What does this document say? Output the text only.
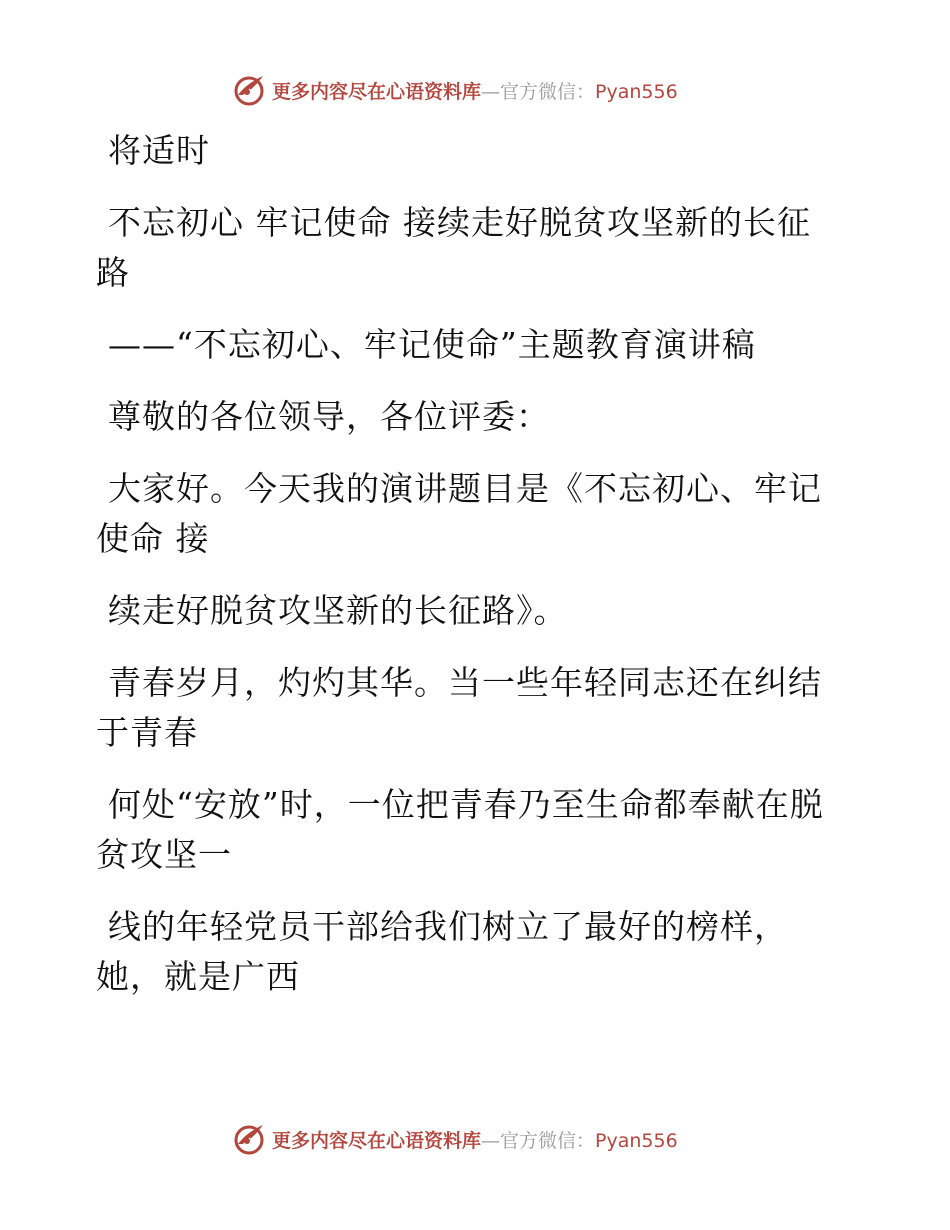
更多内容尽在心语资料库—官方微信：Pyan556

将适时

不忘初心 牢记使命 接续走好脱贫攻坚新的长征路

——“不忘初心、牢记使命”主题教育演讲稿

尊敬的各位领导，各位评委：

大家好。今天我的演讲题目是《不忘初心、牢记使命 接

续走好脱贫攻坚新的长征路》。

青春岁月，灼灼其华。当一些年轻同志还在纠结于青春

何处“安放”时，一位把青春乃至生命都奉献在脱贫攻坚一

线的年轻党员干部给我们树立了最好的榜样，她，就是广西

更多内容尽在心语资料库—官方微信：Pyan556
